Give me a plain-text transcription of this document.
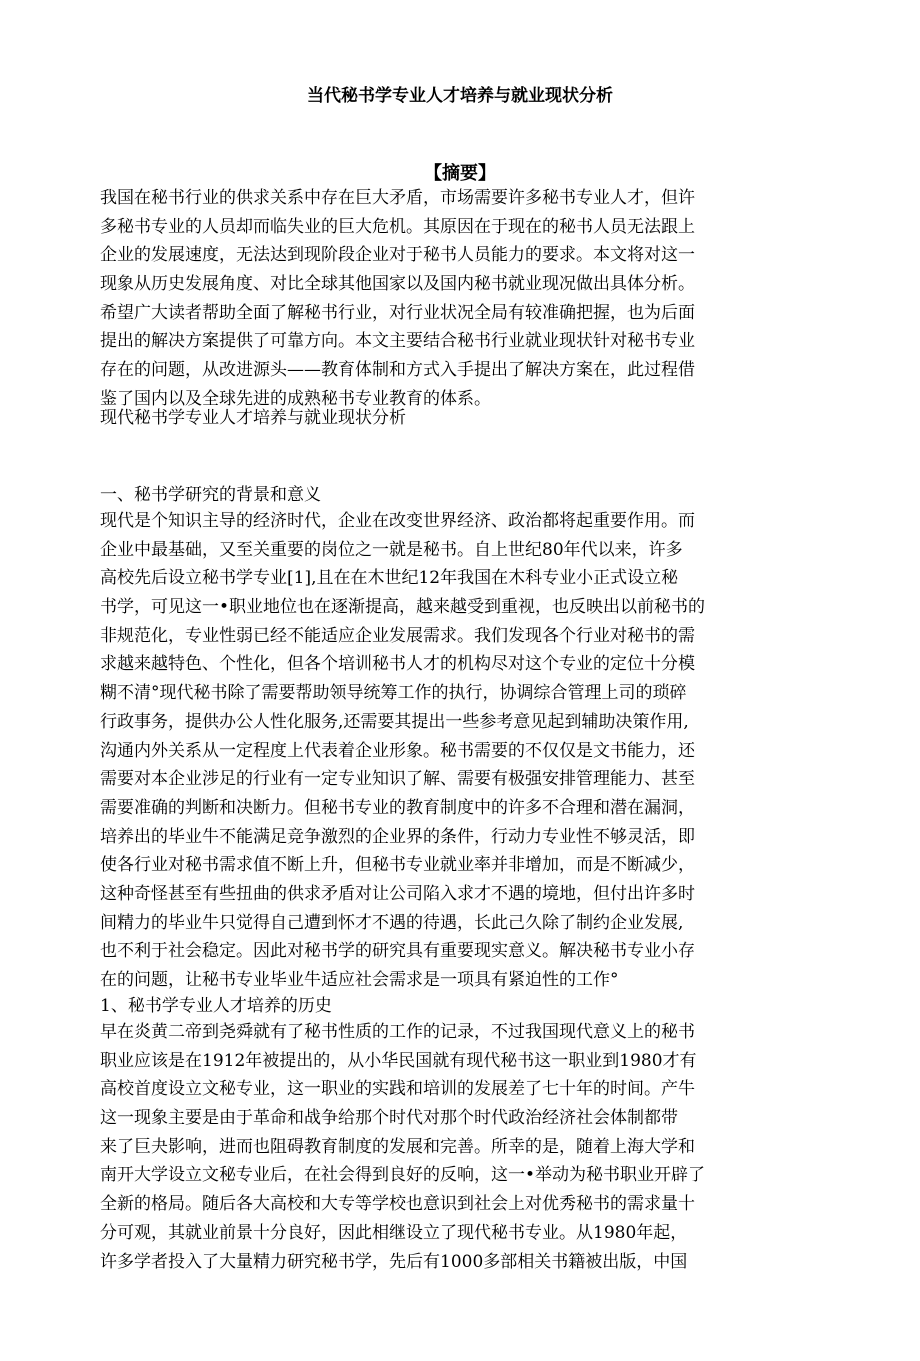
当代秘书学专业人才培养与就业现状分析
【摘要】
我国在秘书行业的供求关系中存在巨大矛盾，市场需要许多秘书专业人才，但许
多秘书专业的人员却而临失业的巨大危机。其原因在于现在的秘书人员无法跟上
企业的发展速度，无法达到现阶段企业对于秘书人员能力的要求。本文将对这一
现象从历史发展角度、对比全球其他国家以及国内秘书就业现况做出具体分析。
希望广大读者帮助全面了解秘书行业，对行业状况全局有较准确把握，也为后面
提出的解决方案提供了可靠方向。本文主要结合秘书行业就业现状针对秘书专业
存在的问题，从改进源头——教育体制和方式入手提出了解决方案在，此过程借
鉴了国内以及全球先进的成熟秘书专业教育的体系。

现代秘书学专业人才培养与就业现状分析

一、秘书学研究的背景和意义

现代是个知识主导的经济时代，企业在改变世界经济、政治都将起重要作用。而
企业中最基础，又至关重要的岗位之一就是秘书。自上世纪80年代以来，许多
高校先后设立秘书学专业[1],且在在木世纪12年我国在木科专业小正式设立秘
书学，可见这一•职业地位也在逐渐提高，越来越受到重视，也反映出以前秘书的
非规范化，专业性弱已经不能适应企业发展需求。我们发现各个行业对秘书的需
求越来越特色、个性化，但各个培训秘书人才的机构尽对这个专业的定位十分模
糊不清°现代秘书除了需要帮助领导统筹工作的执行，协调综合管理上司的琐碎
行政事务，提供办公人性化服务,还需要其提出一些参考意见起到辅助决策作用,
沟通内外关系从一定程度上代表着企业形象。秘书需要的不仅仅是文书能力，还
需要对本企业涉足的行业有一定专业知识了解、需要有极强安排管理能力、甚至
需要准确的判断和决断力。但秘书专业的教育制度中的许多不合理和潜在漏洞，
培养出的毕业牛不能满足竞争激烈的企业界的条件，行动力专业性不够灵活，即
使各行业对秘书需求值不断上升，但秘书专业就业率并非增加，而是不断减少，
这种奇怪甚至有些扭曲的供求矛盾对让公司陷入求才不遇的境地，但付出许多时
间精力的毕业牛只觉得自己遭到怀才不遇的待遇，长此己久除了制约企业发展,
也不利于社会稳定。因此对秘书学的研究具有重要现实意义。解决秘书专业小存
在的问题，让秘书专业毕业牛适应社会需求是一项具有紧迫性的工作°

1、秘书学专业人才培养的历史

早在炎黄二帝到尧舜就有了秘书性质的工作的记录，不过我国现代意义上的秘书
职业应该是在1912年被提出的，从小华民国就有现代秘书这一职业到1980才有
高校首度设立文秘专业，这一职业的实践和培训的发展差了七十年的时间。产牛
这一现象主要是由于革命和战争给那个时代对那个时代政治经济社会体制都带
来了巨夬影响，进而也阻碍教育制度的发展和完善。所幸的是，随着上海大学和
南开大学设立文秘专业后，在社会得到良好的反响，这一•举动为秘书职业开辟了
全新的格局。随后各大高校和大专等学校也意识到社会上对优秀秘书的需求量十
分可观，其就业前景十分良好，因此相继设立了现代秘书专业。从1980年起，
许多学者投入了大量精力研究秘书学，先后有1000多部相关书籍被出版，中国
